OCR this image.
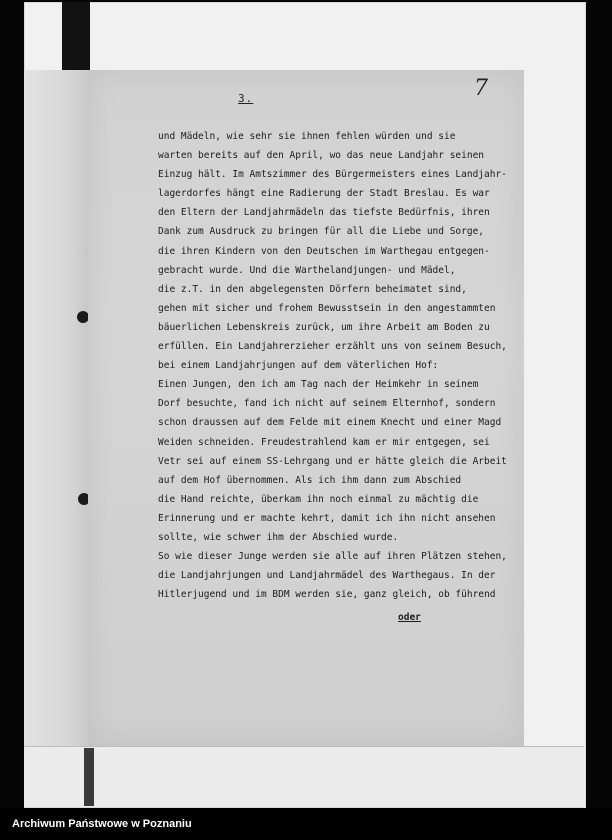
3.	7
und Mädeln, wie sehr sie ihnen fehlen würden und sie
warten bereits auf den April, wo das neue Landjahr seinen
Einzug hält. Im Amtszimmer des Bürgermeisters eines Landjahr-
lagerdorfes hängt eine Radierung der Stadt Breslau. Es war
den Eltern der Landjahrmädeln das tiefste Bedürfnis, ihren
Dank zum Ausdruck zu bringen für all die Liebe und Sorge,
die ihren Kindern von den Deutschen im Warthegau entgegen-
gebracht wurde. Und die Warthelandjungen- und Mädel,
die z.T. in den abgelegensten Dörfern beheimatet sind,
gehen mit sicher und frohem Bewusstsein in den angestammten
bäuerlichen Lebenskreis zurück, um ihre Arbeit am Boden zu
erfüllen. Ein Landjahrerzieher erzählt uns von seinem Besuch,
bei einem Landjahrjungen auf dem väterlichen Hof:
Einen Jungen, den ich am Tag nach der Heimkehr in seinem
Dorf besuchte, fand ich nicht auf seinem Elternhof, sondern
schon draussen auf dem Felde mit einem Knecht und einer Magd
Weiden schneiden. Freudestrahlend kam er mir entgegen, sei
Vetr sei auf einem SS-Lehrgang und er hätte gleich die Arbeit
auf dem Hof übernommen. Als ich ihm dann zum Abschied
die Hand reichte, überkam ihn noch einmal zu mächtig die
Erinnerung und er machte kehrt, damit ich ihn nicht ansehen
sollte, wie schwer ihm der Abschied wurde.
So wie dieser Junge werden sie alle auf ihren Plätzen stehen,
die Landjahrjungen und Landjahrmädel des Warthegaus. In der
Hitlerjugend und im BDM werden sie, ganz gleich, ob führend
oder
Archiwum Państwowe w Poznaniu
